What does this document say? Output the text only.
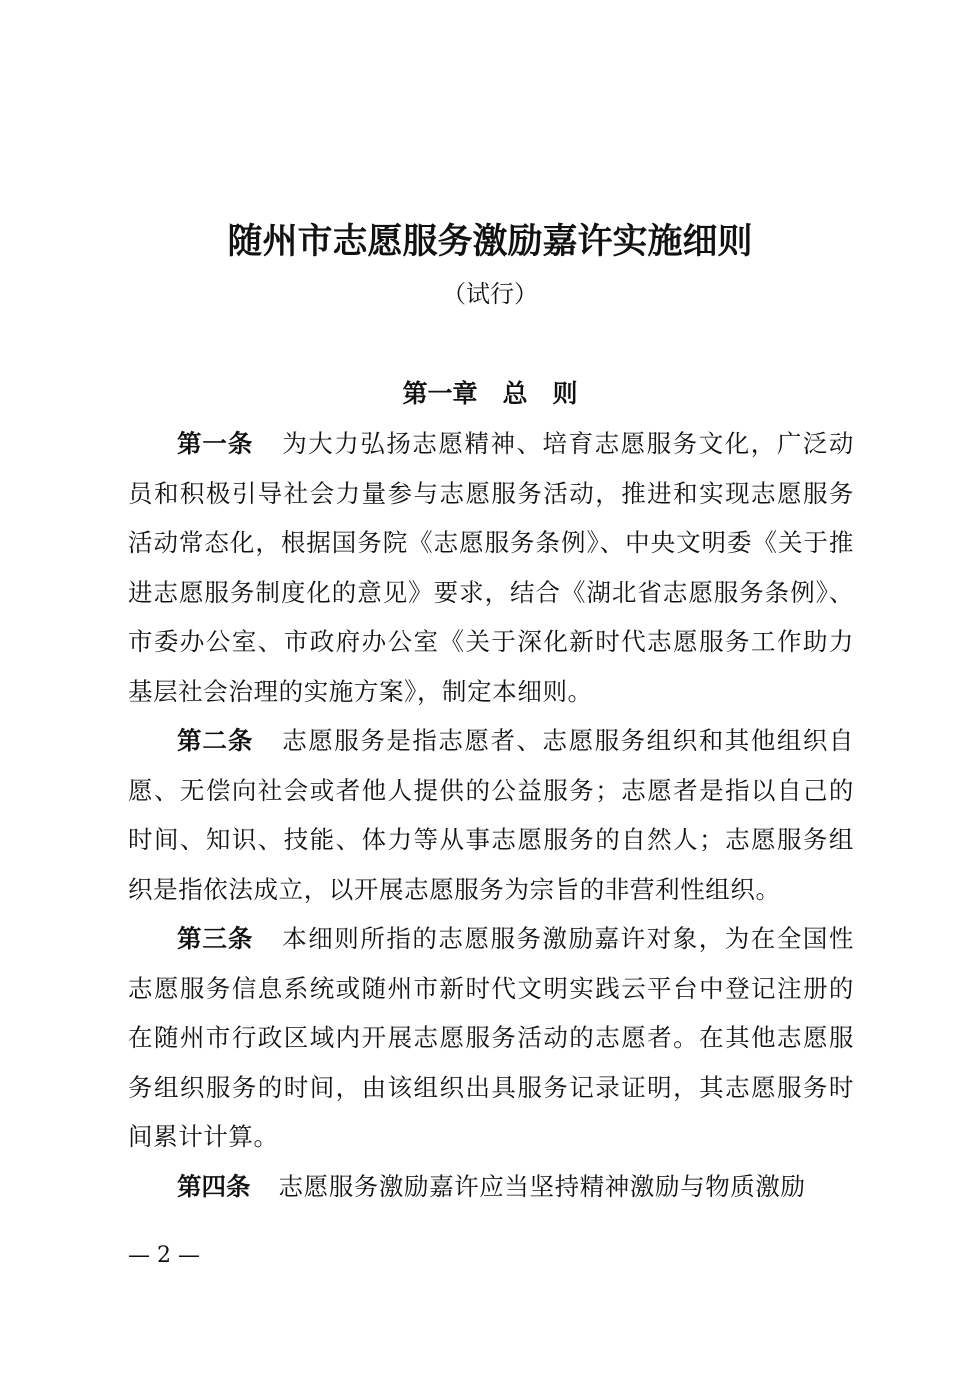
随州市志愿服务激励嘉许实施细则
（试行）
第一章　总　则

第一条 为大力弘扬志愿精神、培育志愿服务文化，广泛动员和积极引导社会力量参与志愿服务活动，推进和实现志愿服务活动常态化，根据国务院《志愿服务条例》、中央文明委《关于推进志愿服务制度化的意见》要求，结合《湖北省志愿服务条例》、市委办公室、市政府办公室《关于深化新时代志愿服务工作助力基层社会治理的实施方案》，制定本细则。

第二条 志愿服务是指志愿者、志愿服务组织和其他组织自愿、无偿向社会或者他人提供的公益服务；志愿者是指以自己的时间、知识、技能、体力等从事志愿服务的自然人；志愿服务组织是指依法成立，以开展志愿服务为宗旨的非营利性组织。

第三条 本细则所指的志愿服务激励嘉许对象，为在全国性志愿服务信息系统或随州市新时代文明实践云平台中登记注册的在随州市行政区域内开展志愿服务活动的志愿者。在其他志愿服务组织服务的时间，由该组织出具服务记录证明，其志愿服务时间累计计算。

第四条 志愿服务激励嘉许应当坚持精神激励与物质激励

— 2 —
